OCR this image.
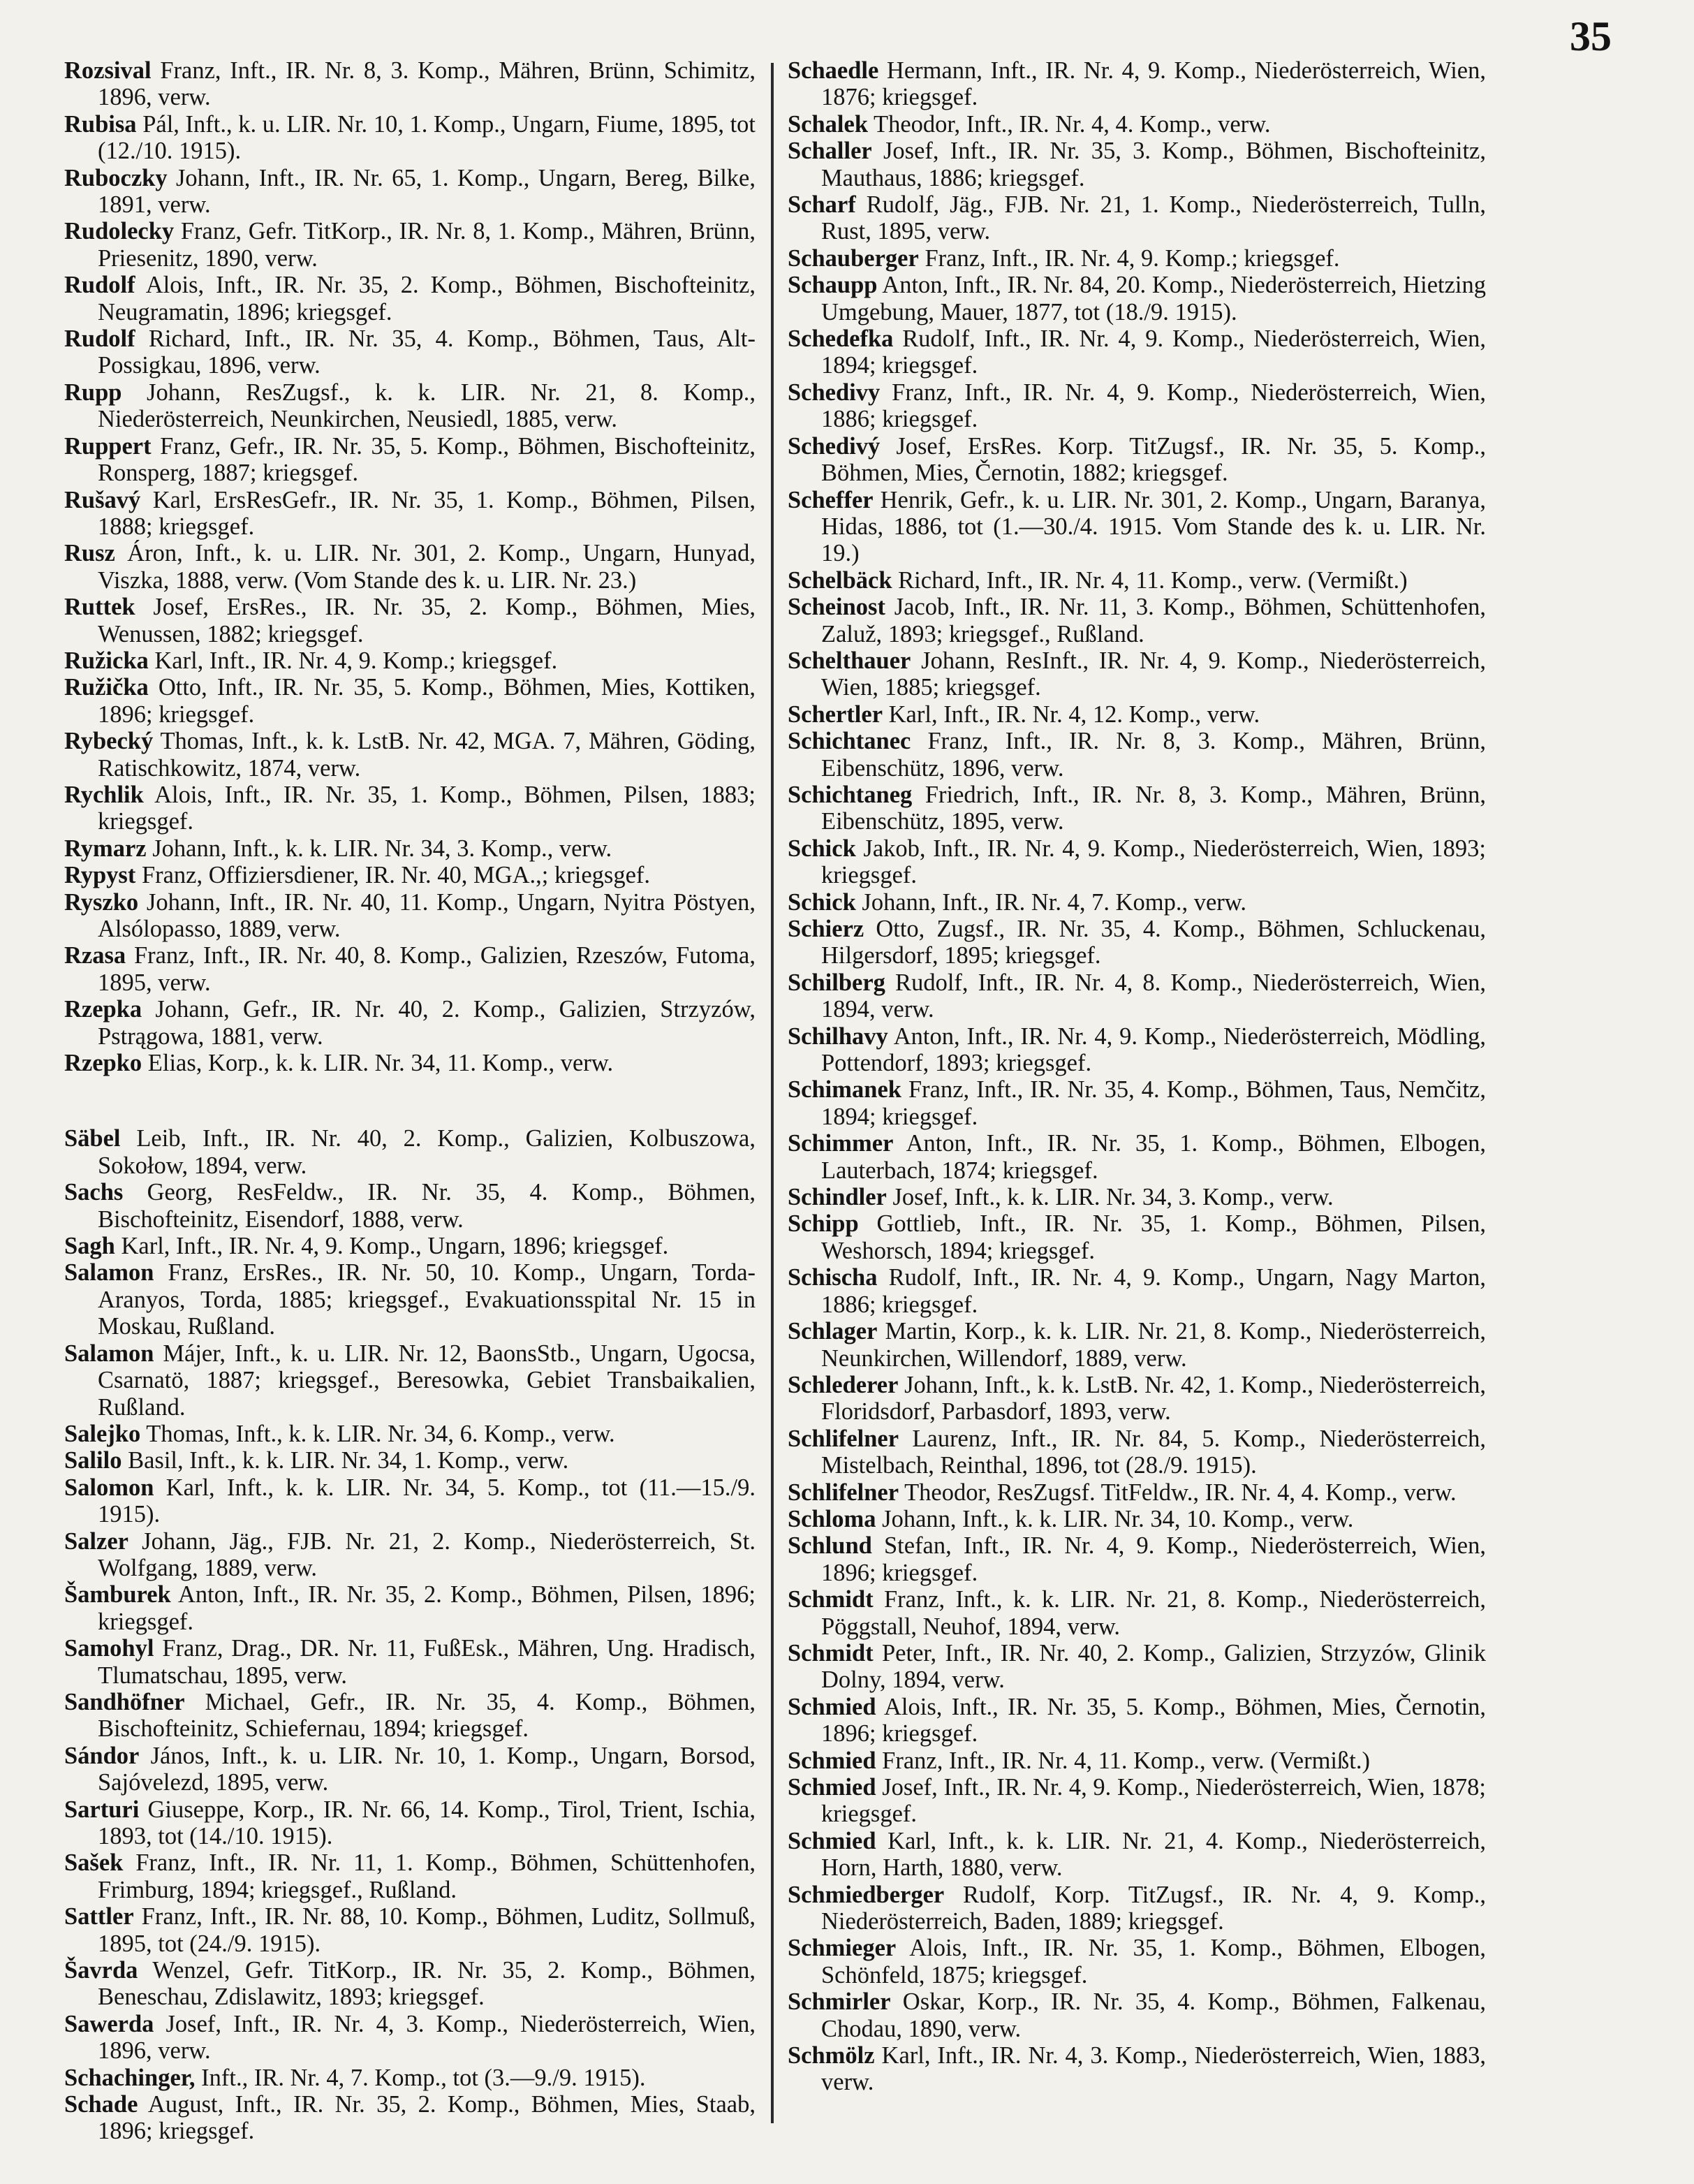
35
Rozsival Franz, Inft., IR. Nr. 8, 3. Komp., Mähren, Brünn, Schimitz, 1896, verw.
Rubisa Pál, Inft., k. u. LIR. Nr. 10, 1. Komp., Ungarn, Fiume, 1895, tot (12./10. 1915).
Ruboczky Johann, Inft., IR. Nr. 65, 1. Komp., Ungarn, Bereg, Bilke, 1891, verw.
Rudolecky Franz, Gefr. TitKorp., IR. Nr. 8, 1. Komp., Mähren, Brünn, Priesenitz, 1890, verw.
Rudolf Alois, Inft., IR. Nr. 35, 2. Komp., Böhmen, Bischofteinitz, Neugramatin, 1896; kriegsgef.
Rudolf Richard, Inft., IR. Nr. 35, 4. Komp., Böhmen, Taus, Alt-Possigkau, 1896, verw.
Rupp Johann, ResZugsf., k. k. LIR. Nr. 21, 8. Komp., Niederösterreich, Neunkirchen, Neusiedl, 1885, verw.
Ruppert Franz, Gefr., IR. Nr. 35, 5. Komp., Böhmen, Bischofteinitz, Ronsperg, 1887; kriegsgef.
Rušavý Karl, ErsResGefr., IR. Nr. 35, 1. Komp., Böhmen, Pilsen, 1888; kriegsgef.
Rusz Áron, Inft., k. u. LIR. Nr. 301, 2. Komp., Ungarn, Hunyad, Viszka, 1888, verw. (Vom Stande des k. u. LIR. Nr. 23.)
Ruttek Josef, ErsRes., IR. Nr. 35, 2. Komp., Böhmen, Mies, Wenussen, 1882; kriegsgef.
Ružicka Karl, Inft., IR. Nr. 4, 9. Komp.; kriegsgef.
Ružička Otto, Inft., IR. Nr. 35, 5. Komp., Böhmen, Mies, Kottiken, 1896; kriegsgef.
Rybecký Thomas, Inft., k. k. LstB. Nr. 42, MGA. 7, Mähren, Göding, Ratischkowitz, 1874, verw.
Rychlik Alois, Inft., IR. Nr. 35, 1. Komp., Böhmen, Pilsen, 1883; kriegsgef.
Rymarz Johann, Inft., k. k. LIR. Nr. 34, 3. Komp., verw.
Rypyst Franz, Offiziersdiener, IR. Nr. 40, MGA.,; kriegsgef.
Ryszko Johann, Inft., IR. Nr. 40, 11. Komp., Ungarn, Nyitra Pöstyen, Alsólopasso, 1889, verw.
Rzasa Franz, Inft., IR. Nr. 40, 8. Komp., Galizien, Rzeszów, Futoma, 1895, verw.
Rzepka Johann, Gefr., IR. Nr. 40, 2. Komp., Galizien, Strzyzów, Pstrągowa, 1881, verw.
Rzepko Elias, Korp., k. k. LIR. Nr. 34, 11. Komp., verw.
Säbel Leib, Inft., IR. Nr. 40, 2. Komp., Galizien, Kolbuszowa, Sokołow, 1894, verw.
Sachs Georg, ResFeldw., IR. Nr. 35, 4. Komp., Böhmen, Bischofteinitz, Eisendorf, 1888, verw.
Sagh Karl, Inft., IR. Nr. 4, 9. Komp., Ungarn, 1896; kriegsgef.
Salamon Franz, ErsRes., IR. Nr. 50, 10. Komp., Ungarn, Torda-Aranyos, Torda, 1885; kriegsgef., Evakuationsspital Nr. 15 in Moskau, Rußland.
Salamon Májer, Inft., k. u. LIR. Nr. 12, BaonsStb., Ungarn, Ugocsa, Csarnatö, 1887; kriegsgef., Beresowka, Gebiet Transbaikalien, Rußland.
Salejko Thomas, Inft., k. k. LIR. Nr. 34, 6. Komp., verw.
Salilo Basil, Inft., k. k. LIR. Nr. 34, 1. Komp., verw.
Salomon Karl, Inft., k. k. LIR. Nr. 34, 5. Komp., tot (11.—15./9. 1915).
Salzer Johann, Jäg., FJB. Nr. 21, 2. Komp., Niederösterreich, St. Wolfgang, 1889, verw.
Šamburek Anton, Inft., IR. Nr. 35, 2. Komp., Böhmen, Pilsen, 1896; kriegsgef.
Samohyl Franz, Drag., DR. Nr. 11, FußEsk., Mähren, Ung. Hradisch, Tlumatschau, 1895, verw.
Sandhöfner Michael, Gefr., IR. Nr. 35, 4. Komp., Böhmen, Bischofteinitz, Schiefernau, 1894; kriegsgef.
Sándor János, Inft., k. u. LIR. Nr. 10, 1. Komp., Ungarn, Borsod, Sajóvelezd, 1895, verw.
Sarturi Giuseppe, Korp., IR. Nr. 66, 14. Komp., Tirol, Trient, Ischia, 1893, tot (14./10. 1915).
Sašek Franz, Inft., IR. Nr. 11, 1. Komp., Böhmen, Schüttenhofen, Frimburg, 1894; kriegsgef., Rußland.
Sattler Franz, Inft., IR. Nr. 88, 10. Komp., Böhmen, Luditz, Sollmuß, 1895, tot (24./9. 1915).
Šavrda Wenzel, Gefr. TitKorp., IR. Nr. 35, 2. Komp., Böhmen, Beneschau, Zdislawitz, 1893; kriegsgef.
Sawerda Josef, Inft., IR. Nr. 4, 3. Komp., Niederösterreich, Wien, 1896, verw.
Schachinger, Inft., IR. Nr. 4, 7. Komp., tot (3.—9./9. 1915).
Schade August, Inft., IR. Nr. 35, 2. Komp., Böhmen, Mies, Staab, 1896; kriegsgef.
Schaedle Hermann, Inft., IR. Nr. 4, 9. Komp., Niederösterreich, Wien, 1876; kriegsgef.
Schalek Theodor, Inft., IR. Nr. 4, 4. Komp., verw.
Schaller Josef, Inft., IR. Nr. 35, 3. Komp., Böhmen, Bischofteinitz, Mauthaus, 1886; kriegsgef.
Scharf Rudolf, Jäg., FJB. Nr. 21, 1. Komp., Niederösterreich, Tulln, Rust, 1895, verw.
Schauberger Franz, Inft., IR. Nr. 4, 9. Komp.; kriegsgef.
Schaupp Anton, Inft., IR. Nr. 84, 20. Komp., Niederösterreich, Hietzing Umgebung, Mauer, 1877, tot (18./9. 1915).
Schedefka Rudolf, Inft., IR. Nr. 4, 9. Komp., Niederösterreich, Wien, 1894; kriegsgef.
Schedivy Franz, Inft., IR. Nr. 4, 9. Komp., Niederösterreich, Wien, 1886; kriegsgef.
Schedivý Josef, ErsRes. Korp. TitZugsf., IR. Nr. 35, 5. Komp., Böhmen, Mies, Černotin, 1882; kriegsgef.
Scheffer Henrik, Gefr., k. u. LIR. Nr. 301, 2. Komp., Ungarn, Baranya, Hidas, 1886, tot (1.—30./4. 1915. Vom Stande des k. u. LIR. Nr. 19.)
Schelbäck Richard, Inft., IR. Nr. 4, 11. Komp., verw. (Vermißt.)
Scheinost Jacob, Inft., IR. Nr. 11, 3. Komp., Böhmen, Schüttenhofen, Zaluž, 1893; kriegsgef., Rußland.
Schelthauer Johann, ResInft., IR. Nr. 4, 9. Komp., Niederösterreich, Wien, 1885; kriegsgef.
Schertler Karl, Inft., IR. Nr. 4, 12. Komp., verw.
Schichtanec Franz, Inft., IR. Nr. 8, 3. Komp., Mähren, Brünn, Eibenschütz, 1896, verw.
Schichtaneg Friedrich, Inft., IR. Nr. 8, 3. Komp., Mähren, Brünn, Eibenschütz, 1895, verw.
Schick Jakob, Inft., IR. Nr. 4, 9. Komp., Niederösterreich, Wien, 1893; kriegsgef.
Schick Johann, Inft., IR. Nr. 4, 7. Komp., verw.
Schierz Otto, Zugsf., IR. Nr. 35, 4. Komp., Böhmen, Schluckenau, Hilgersdorf, 1895; kriegsgef.
Schilberg Rudolf, Inft., IR. Nr. 4, 8. Komp., Niederösterreich, Wien, 1894, verw.
Schilhavy Anton, Inft., IR. Nr. 4, 9. Komp., Niederösterreich, Mödling, Pottendorf, 1893; kriegsgef.
Schimanek Franz, Inft., IR. Nr. 35, 4. Komp., Böhmen, Taus, Nemčitz, 1894; kriegsgef.
Schimmer Anton, Inft., IR. Nr. 35, 1. Komp., Böhmen, Elbogen, Lauterbach, 1874; kriegsgef.
Schindler Josef, Inft., k. k. LIR. Nr. 34, 3. Komp., verw.
Schipp Gottlieb, Inft., IR. Nr. 35, 1. Komp., Böhmen, Pilsen, Weshorsch, 1894; kriegsgef.
Schischa Rudolf, Inft., IR. Nr. 4, 9. Komp., Ungarn, Nagy Marton, 1886; kriegsgef.
Schlager Martin, Korp., k. k. LIR. Nr. 21, 8. Komp., Niederösterreich, Neunkirchen, Willendorf, 1889, verw.
Schlederer Johann, Inft., k. k. LstB. Nr. 42, 1. Komp., Niederösterreich, Floridsdorf, Parbasdorf, 1893, verw.
Schlifelner Laurenz, Inft., IR. Nr. 84, 5. Komp., Niederösterreich, Mistelbach, Reinthal, 1896, tot (28./9. 1915).
Schlifelner Theodor, ResZugsf. TitFeldw., IR. Nr. 4, 4. Komp., verw.
Schloma Johann, Inft., k. k. LIR. Nr. 34, 10. Komp., verw.
Schlund Stefan, Inft., IR. Nr. 4, 9. Komp., Niederösterreich, Wien, 1896; kriegsgef.
Schmidt Franz, Inft., k. k. LIR. Nr. 21, 8. Komp., Niederösterreich, Pöggstall, Neuhof, 1894, verw.
Schmidt Peter, Inft., IR. Nr. 40, 2. Komp., Galizien, Strzyzów, Glinik Dolny, 1894, verw.
Schmied Alois, Inft., IR. Nr. 35, 5. Komp., Böhmen, Mies, Černotin, 1896; kriegsgef.
Schmied Franz, Inft., IR. Nr. 4, 11. Komp., verw. (Vermißt.)
Schmied Josef, Inft., IR. Nr. 4, 9. Komp., Niederösterreich, Wien, 1878; kriegsgef.
Schmied Karl, Inft., k. k. LIR. Nr. 21, 4. Komp., Niederösterreich, Horn, Harth, 1880, verw.
Schmiedberger Rudolf, Korp. TitZugsf., IR. Nr. 4, 9. Komp., Niederösterreich, Baden, 1889; kriegsgef.
Schmieger Alois, Inft., IR. Nr. 35, 1. Komp., Böhmen, Elbogen, Schönfeld, 1875; kriegsgef.
Schmirler Oskar, Korp., IR. Nr. 35, 4. Komp., Böhmen, Falkenau, Chodau, 1890, verw.
Schmölz Karl, Inft., IR. Nr. 4, 3. Komp., Niederösterreich, Wien, 1883, verw.
